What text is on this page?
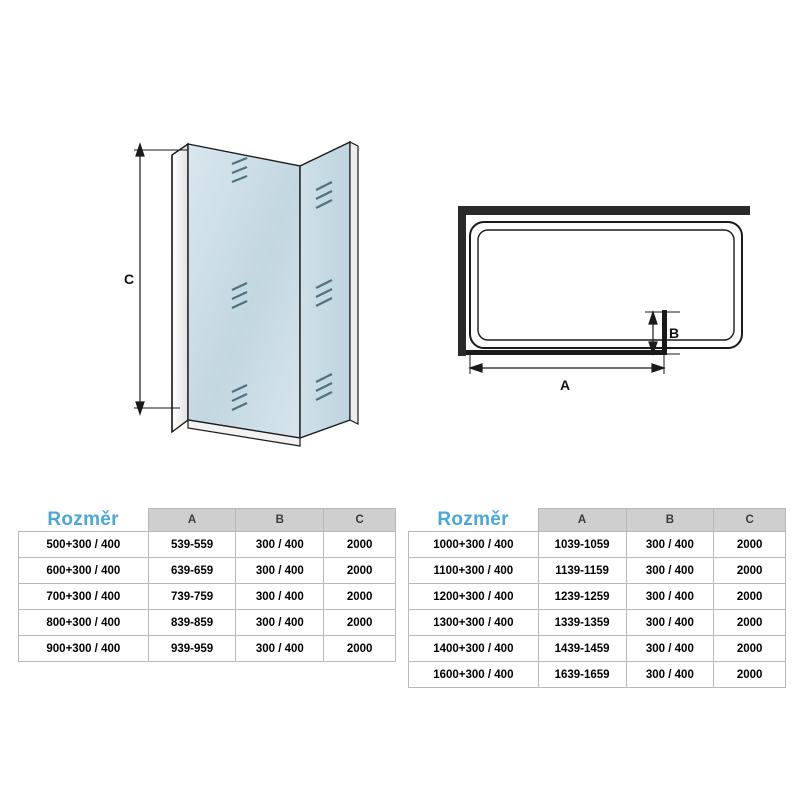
C
A
B
Rozměr	A	B	C
500+300 / 400	539-559	300 / 400	2000
600+300 / 400	639-659	300 / 400	2000
700+300 / 400	739-759	300 / 400	2000
800+300 / 400	839-859	300 / 400	2000
900+300 / 400	939-959	300 / 400	2000
Rozměr	A	B	C
1000+300 / 400	1039-1059	300 / 400	2000
1100+300 / 400	1139-1159	300 / 400	2000
1200+300 / 400	1239-1259	300 / 400	2000
1300+300 / 400	1339-1359	300 / 400	2000
1400+300 / 400	1439-1459	300 / 400	2000
1600+300 / 400	1639-1659	300 / 400	2000
